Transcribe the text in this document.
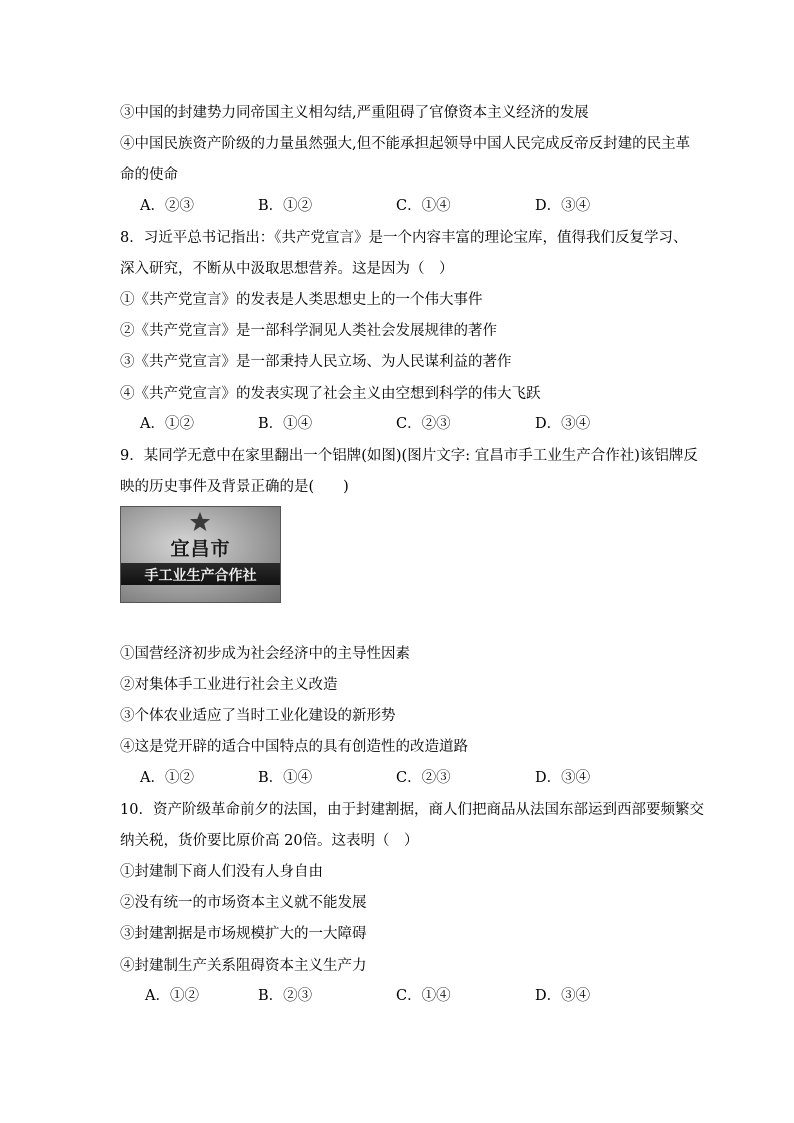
③中国的封建势力同帝国主义相勾结,严重阻碍了官僚资本主义经济的发展
④中国民族资产阶级的力量虽然强大,但不能承担起领导中国人民完成反帝反封建的民主革
命的使命
A．②③	B．①②	C．①④	D．③④
8．习近平总书记指出：《共产党宣言》是一个内容丰富的理论宝库，值得我们反复学习、
深入研究，不断从中汲取思想营养。这是因为（　）
①《共产党宣言》的发表是人类思想史上的一个伟大事件
②《共产党宣言》是一部科学洞见人类社会发展规律的著作
③《共产党宣言》是一部秉持人民立场、为人民谋利益的著作
④《共产党宣言》的发表实现了社会主义由空想到科学的伟大飞跃
A．①②	B．①④	C．②③	D．③④
9．某同学无意中在家里翻出一个铝牌(如图)(图片文字: 宜昌市手工业生产合作社)该铝牌反
映的历史事件及背景正确的是(　　)
宜昌市
手工业生产合作社
①国营经济初步成为社会经济中的主导性因素
②对集体手工业进行社会主义改造
③个体农业适应了当时工业化建设的新形势
④这是党开辟的适合中国特点的具有创造性的改造道路
A．①②	B．①④	C．②③	D．③④
10．资产阶级革命前夕的法国，由于封建割据，商人们把商品从法国东部运到西部要频繁交
纳关税，货价要比原价高 20倍。这表明（　）
①封建制下商人们没有人身自由
②没有统一的市场资本主义就不能发展
③封建割据是市场规模扩大的一大障碍
④封建制生产关系阻碍资本主义生产力
A．①②	B．②③	C．①④	D．③④
